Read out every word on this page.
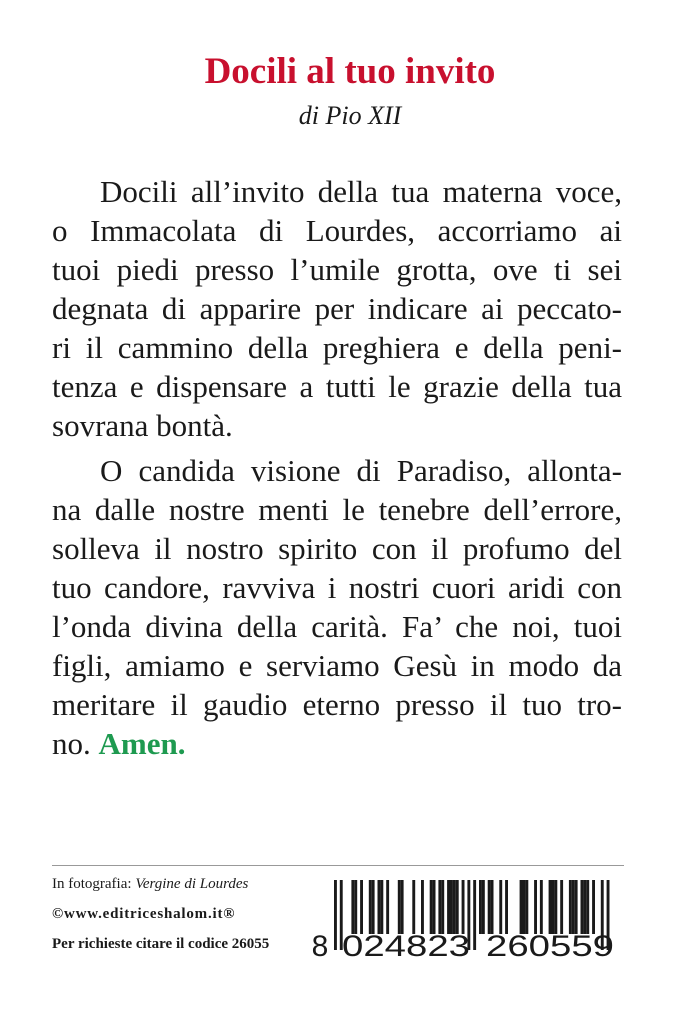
Docili al tuo invito
di Pio XII
Docili all’invito della tua materna voce,
o Immacolata di Lourdes, accorriamo ai
tuoi piedi presso l’umile grotta, ove ti sei
degnata di apparire per indicare ai peccato-
ri il cammino della preghiera e della peni-
tenza e dispensare a tutti le grazie della tua
sovrana bontà.
O candida visione di Paradiso, allonta-
na dalle nostre menti le tenebre dell’errore,
solleva il nostro spirito con il profumo del
tuo candore, ravviva i nostri cuori aridi con
l’onda divina della carità. Fa’ che noi, tuoi
figli, amiamo e serviamo Gesù in modo da
meritare il gaudio eterno presso il tuo tro-
no. Amen.
In fotografia: Vergine di Lourdes
©www.editriceshalom.it®
Per richieste citare il codice 26055 8 024823 260559
